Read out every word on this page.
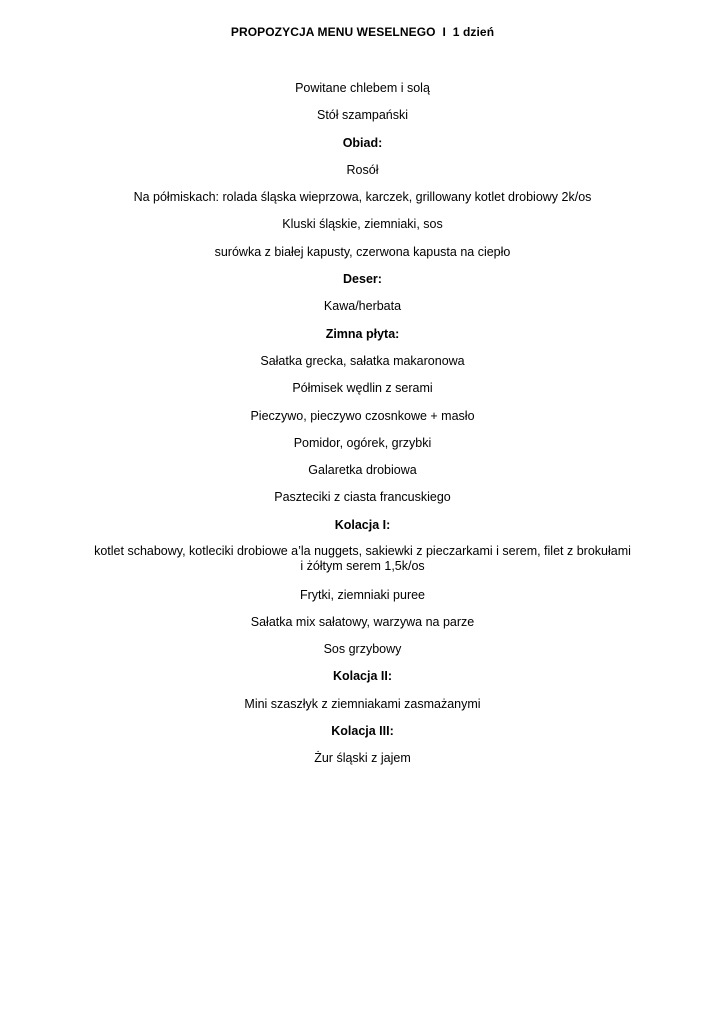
PROPOZYCJA MENU WESELNEGO  I  1 dzień
Powitane chlebem i solą
Stół szampański
Obiad:
Rosół
Na półmiskach: rolada śląska wieprzowa, karczek, grillowany kotlet drobiowy 2k/os
Kluski śląskie, ziemniaki, sos
surówka z białej kapusty, czerwona kapusta na ciepło
Deser:
Kawa/herbata
Zimna płyta:
Sałatka grecka, sałatka makaronowa
Półmisek wędlin z serami
Pieczywo, pieczywo czosnkowe + masło
Pomidor, ogórek, grzybki
Galaretka drobiowa
Paszteciki z ciasta francuskiego
Kolacja I:
kotlet schabowy, kotleciki drobiowe a’la nuggets, sakiewki z pieczarkami i serem, filet z brokułami
i żółtym serem 1,5k/os
Frytki, ziemniaki puree
Sałatka mix sałatowy, warzywa na parze
Sos grzybowy
Kolacja II:
Mini szaszłyk z ziemniakami zasmażanymi
Kolacja III:
Żur śląski z jajem
